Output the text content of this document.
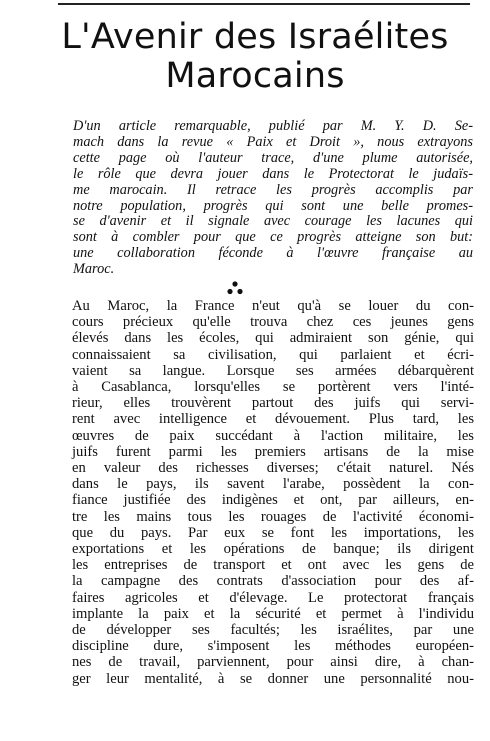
L'Avenir des Israélites
Marocains

D'un article remarquable, publié par M. Y. D. Se-
mach dans la revue « Paix et Droit », nous extrayons
cette page où l'auteur trace, d'une plume autorisée,
le rôle que devra jouer dans le Protectorat le judaïs-
me marocain. Il retrace les progrès accomplis par
notre population, progrès qui sont une belle promes-
se d'avenir et il signale avec courage les lacunes qui
sont à combler pour que ce progrès atteigne son but:
une collaboration féconde à l'œuvre française au
Maroc.

Au Maroc, la France n'eut qu'à se louer du con-
cours précieux qu'elle trouva chez ces jeunes gens
élevés dans les écoles, qui admiraient son génie, qui
connaissaient sa civilisation, qui parlaient et écri-
vaient sa langue. Lorsque ses armées débarquèrent
à Casablanca, lorsqu'elles se portèrent vers l'inté-
rieur, elles trouvèrent partout des juifs qui servi-
rent avec intelligence et dévouement. Plus tard, les
œuvres de paix succédant à l'action militaire, les
juifs furent parmi les premiers artisans de la mise
en valeur des richesses diverses; c'était naturel. Nés
dans le pays, ils savent l'arabe, possèdent la con-
fiance justifiée des indigènes et ont, par ailleurs, en-
tre les mains tous les rouages de l'activité économi-
que du pays. Par eux se font les importations, les
exportations et les opérations de banque; ils dirigent
les entreprises de transport et ont avec les gens de
la campagne des contrats d'association pour des af-
faires agricoles et d'élevage. Le protectorat français
implante la paix et la sécurité et permet à l'individu
de développer ses facultés; les israélites, par une
discipline dure, s'imposent les méthodes européen-
nes de travail, parviennent, pour ainsi dire, à chan-
ger leur mentalité, à se donner une personnalité nou-
